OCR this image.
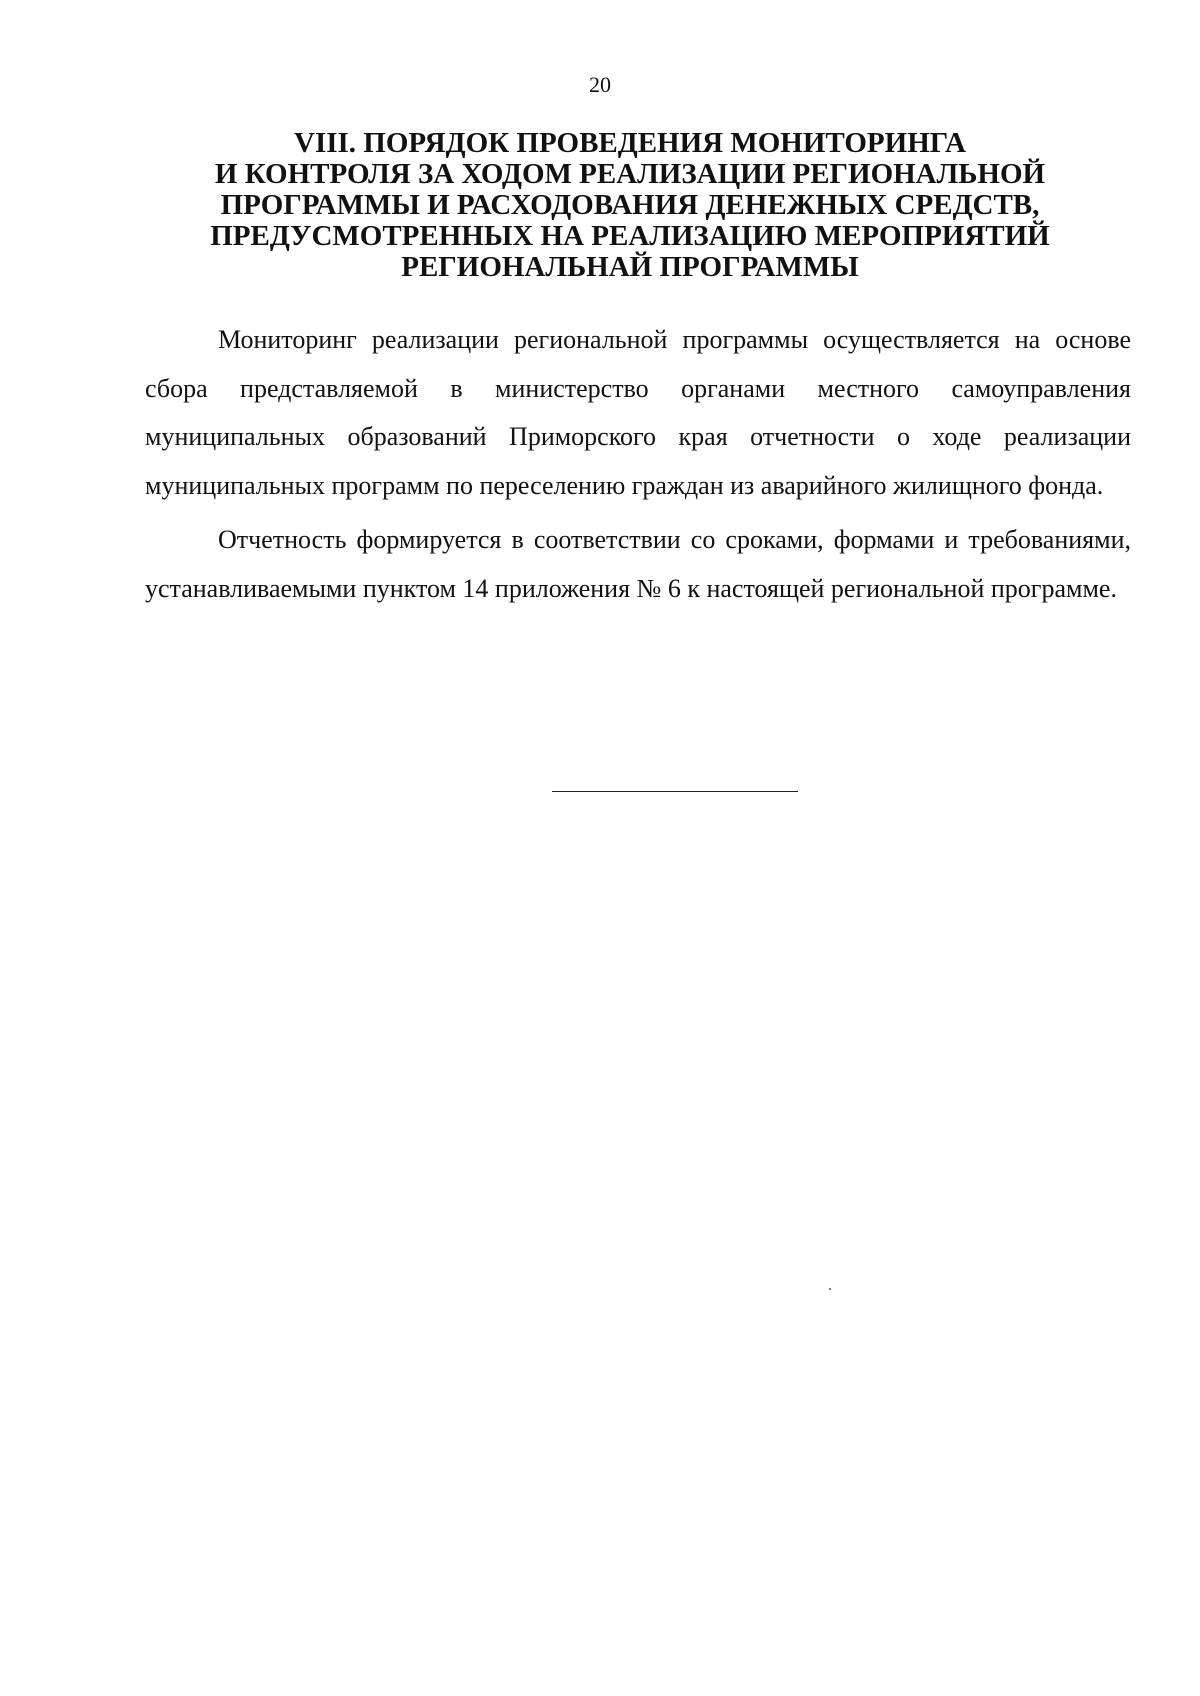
20
VIII. ПОРЯДОК ПРОВЕДЕНИЯ МОНИТОРИНГА
И КОНТРОЛЯ ЗА ХОДОМ РЕАЛИЗАЦИИ РЕГИОНАЛЬНОЙ
ПРОГРАММЫ И РАСХОДОВАНИЯ ДЕНЕЖНЫХ СРЕДСТВ,
ПРЕДУСМОТРЕННЫХ НА РЕАЛИЗАЦИЮ МЕРОПРИЯТИЙ
РЕГИОНАЛЬНАЙ ПРОГРАММЫ

Мониторинг реализации региональной программы осуществляется на основе сбора представляемой в министерство органами местного самоуправления муниципальных образований Приморского края отчетности о ходе реализации муниципальных программ по переселению граждан из аварийного жилищного фонда.

Отчетность формируется в соответствии со сроками, формами и требованиями, устанавливаемыми пунктом 14 приложения № 6 к настоящей региональной программе.
